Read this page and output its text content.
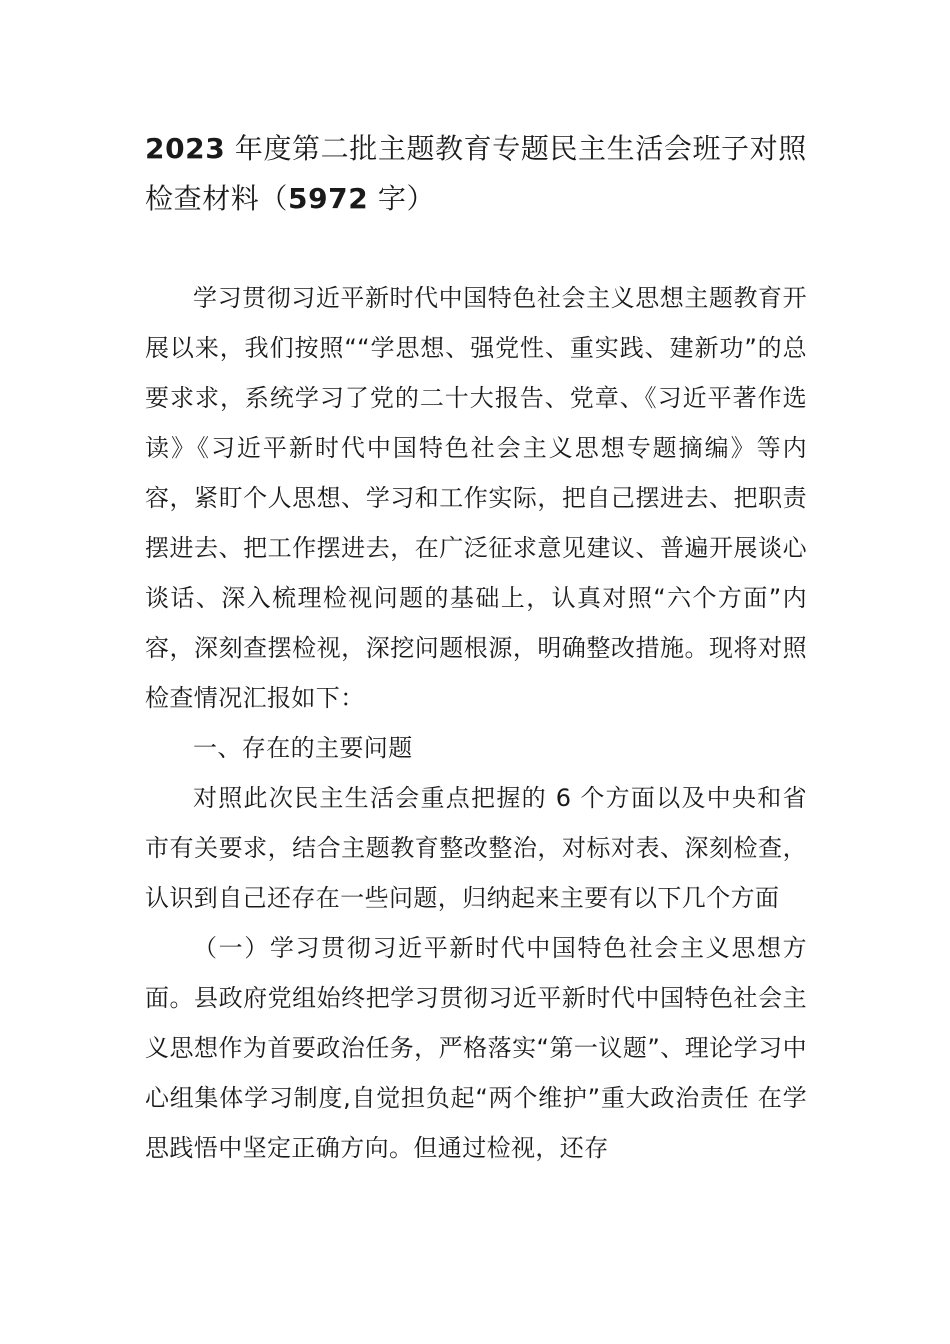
2023 年度第二批主题教育专题民主生活会班子对照检查材料（5972 字）

学习贯彻习近平新时代中国特色社会主义思想主题教育开展以来，我们按照““学思想、强党性、重实践、建新功”的总要求求，系统学习了党的二十大报告、党章、《习近平著作选读》《习近平新时代中国特色社会主义思想专题摘编》等内容，紧盯个人思想、学习和工作实际，把自己摆进去、把职责摆进去、把工作摆进去，在广泛征求意见建议、普遍开展谈心谈话、深入梳理检视问题的基础上，认真对照“六个方面”内容，深刻查摆检视，深挖问题根源，明确整改措施。现将对照检查情况汇报如下：

一、存在的主要问题

对照此次民主生活会重点把握的 6 个方面以及中央和省市有关要求，结合主题教育整改整治，对标对表、深刻检查，认识到自己还存在一些问题，归纳起来主要有以下几个方面

（一）学习贯彻习近平新时代中国特色社会主义思想方面。县政府党组始终把学习贯彻习近平新时代中国特色社会主义思想作为首要政治任务，严格落实“第一议题”、理论学习中心组集体学习制度,自觉担负起“两个维护”重大政治责任 在学思践悟中坚定正确方向。但通过检视，还存
